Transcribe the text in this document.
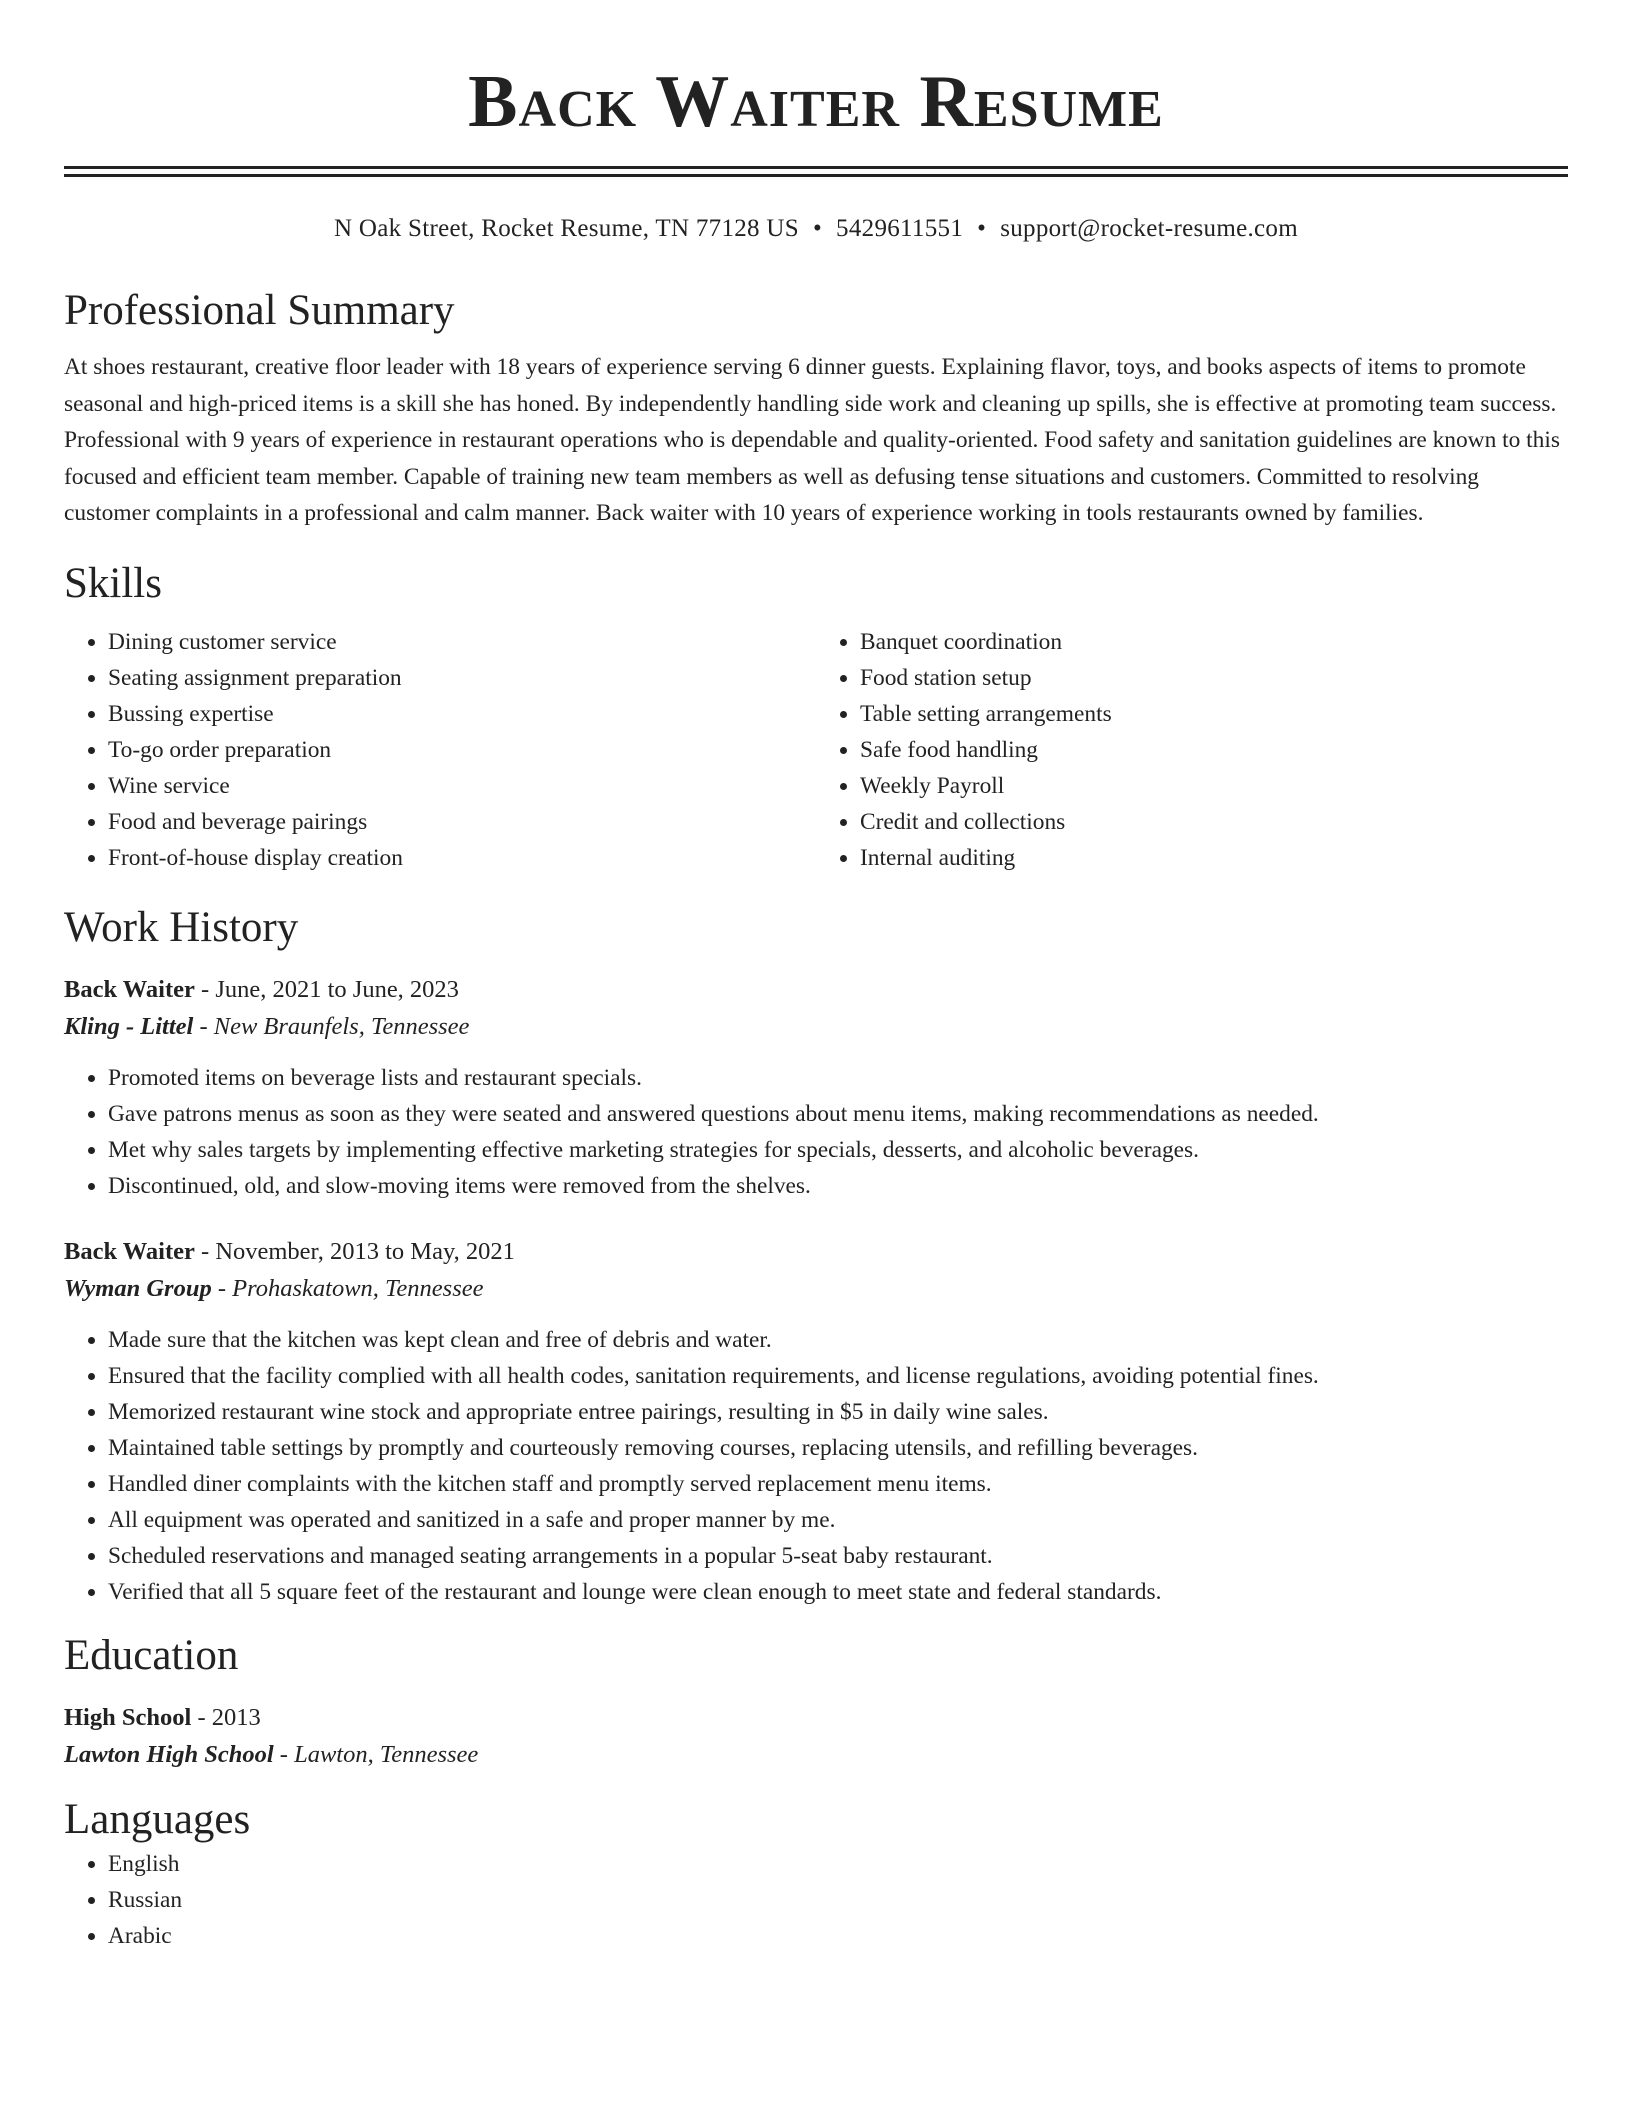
Back Waiter Resume
N Oak Street, Rocket Resume, TN 77128 US • 5429611551 • support@rocket-resume.com
Professional Summary

At shoes restaurant, creative floor leader with 18 years of experience serving 6 dinner guests. Explaining flavor, toys, and books aspects of items to promote seasonal and high-priced items is a skill she has honed. By independently handling side work and cleaning up spills, she is effective at promoting team success. Professional with 9 years of experience in restaurant operations who is dependable and quality-oriented. Food safety and sanitation guidelines are known to this focused and efficient team member. Capable of training new team members as well as defusing tense situations and customers. Committed to resolving customer complaints in a professional and calm manner. Back waiter with 10 years of experience working in tools restaurants owned by families.

Skills
• Dining customer service
• Seating assignment preparation
• Bussing expertise
• To-go order preparation
• Wine service
• Food and beverage pairings
• Front-of-house display creation
• Banquet coordination
• Food station setup
• Table setting arrangements
• Safe food handling
• Weekly Payroll
• Credit and collections
• Internal auditing
Work History
Back Waiter - June, 2021 to June, 2023
Kling - Littel - New Braunfels, Tennessee
• Promoted items on beverage lists and restaurant specials.
• Gave patrons menus as soon as they were seated and answered questions about menu items, making recommendations as needed.
• Met why sales targets by implementing effective marketing strategies for specials, desserts, and alcoholic beverages.
• Discontinued, old, and slow-moving items were removed from the shelves.
Back Waiter - November, 2013 to May, 2021
Wyman Group - Prohaskatown, Tennessee
• Made sure that the kitchen was kept clean and free of debris and water.
• Ensured that the facility complied with all health codes, sanitation requirements, and license regulations, avoiding potential fines.
• Memorized restaurant wine stock and appropriate entree pairings, resulting in $5 in daily wine sales.
• Maintained table settings by promptly and courteously removing courses, replacing utensils, and refilling beverages.
• Handled diner complaints with the kitchen staff and promptly served replacement menu items.
• All equipment was operated and sanitized in a safe and proper manner by me.
• Scheduled reservations and managed seating arrangements in a popular 5-seat baby restaurant.
• Verified that all 5 square feet of the restaurant and lounge were clean enough to meet state and federal standards.
Education
High School - 2013
Lawton High School - Lawton, Tennessee
Languages
• English
• Russian
• Arabic
